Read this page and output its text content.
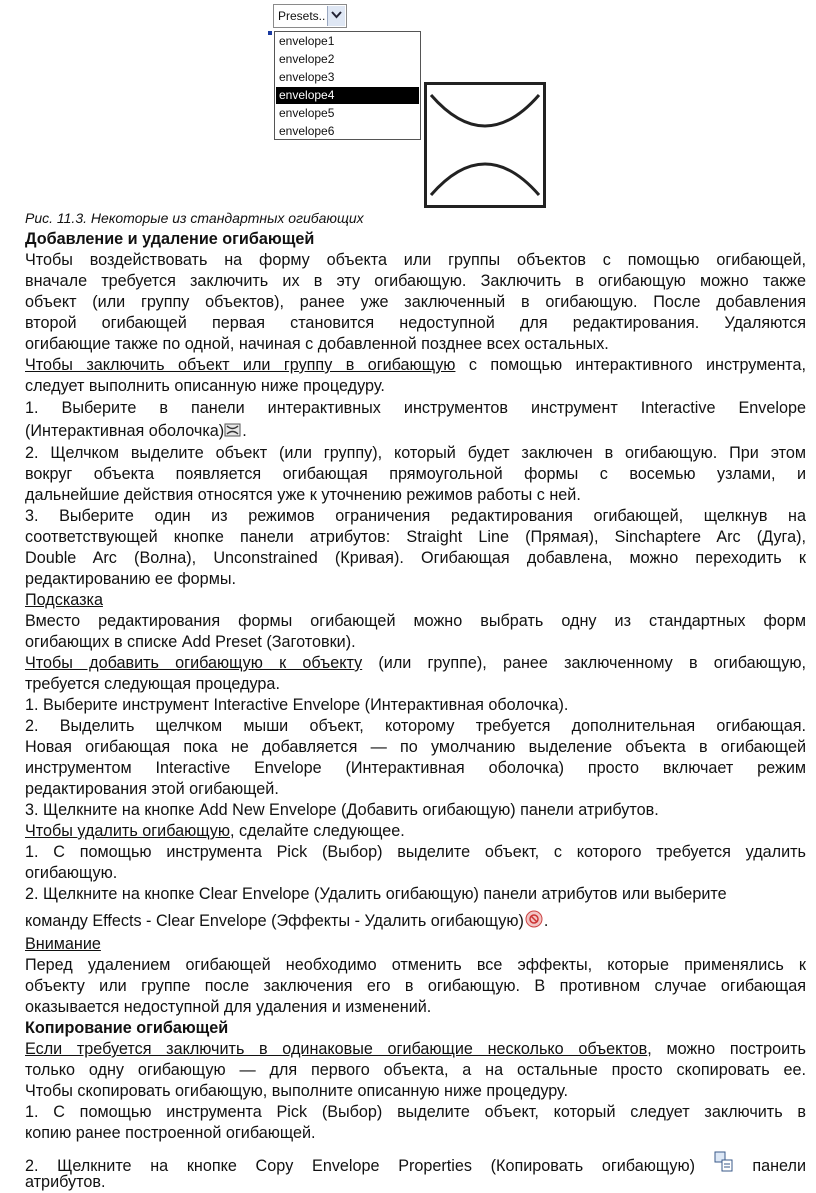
Presets..
envelope1
envelope2
envelope3
envelope4
envelope5
envelope6
Рис. 11.3. Некоторые из стандартных огибающих
Добавление и удаление огибающей
Чтобы воздействовать на форму объекта или группы объектов с помощью огибающей,
вначале требуется заключить их в эту огибающую. Заключить в огибающую можно также
объект (или группу объектов), ранее уже заключенный в огибающую. После добавления
второй огибающей первая становится недоступной для редактирования. Удаляются
огибающие также по одной, начиная с добавленной позднее всех остальных.
Чтобы заключить объект или группу в огибающую с помощью интерактивного инструмента,
следует выполнить описанную ниже процедуру.
1. Выберите в панели интерактивных инструментов инструмент Interactive Envelope
(Интерактивная оболочка) .
2. Щелчком выделите объект (или группу), который будет заключен в огибающую. При этом
вокруг объекта появляется огибающая прямоугольной формы с восемью узлами, и
дальнейшие действия относятся уже к уточнению режимов работы с ней.
3. Выберите один из режимов ограничения редактирования огибающей, щелкнув на
соответствующей кнопке панели атрибутов: Straight Line (Прямая), Sinchaptere Arc (Дуга),
Double Arc (Волна), Unconstrained (Кривая). Огибающая добавлена, можно переходить к
редактированию ее формы.
Подсказка
Вместо редактирования формы огибающей можно выбрать одну из стандартных форм
огибающих в списке Add Preset (Заготовки).
Чтобы добавить огибающую к объекту (или группе), ранее заключенному в огибающую,
требуется следующая процедура.
1. Выберите инструмент Interactive Envelope (Интерактивная оболочка).
2. Выделить щелчком мыши объект, которому требуется дополнительная огибающая.
Новая огибающая пока не добавляется — по умолчанию выделение объекта в огибающей
инструментом Interactive Envelope (Интерактивная оболочка) просто включает режим
редактирования этой огибающей.
3. Щелкните на кнопке Add New Envelope (Добавить огибающую) панели атрибутов.
Чтобы удалить огибающую, сделайте следующее.
1. С помощью инструмента Pick (Выбор) выделите объект, с которого требуется удалить
огибающую.
2. Щелкните на кнопке Clear Envelope (Удалить огибающую) панели атрибутов или выберите
команду Effects - Clear Envelope (Эффекты - Удалить огибающую) .
Внимание
Перед удалением огибающей необходимо отменить все эффекты, которые применялись к
объекту или группе после заключения его в огибающую. В противном случае огибающая
оказывается недоступной для удаления и изменений.
Копирование огибающей
Если требуется заключить в одинаковые огибающие несколько объектов, можно построить
только одну огибающую — для первого объекта, а на остальные просто скопировать ее.
Чтобы скопировать огибающую, выполните описанную ниже процедуру.
1. С помощью инструмента Pick (Выбор) выделите объект, который следует заключить в
копию ранее построенной огибающей.
2. Щелкните на кнопке Copy Envelope Properties (Копировать огибающую)	панели
атрибутов.
